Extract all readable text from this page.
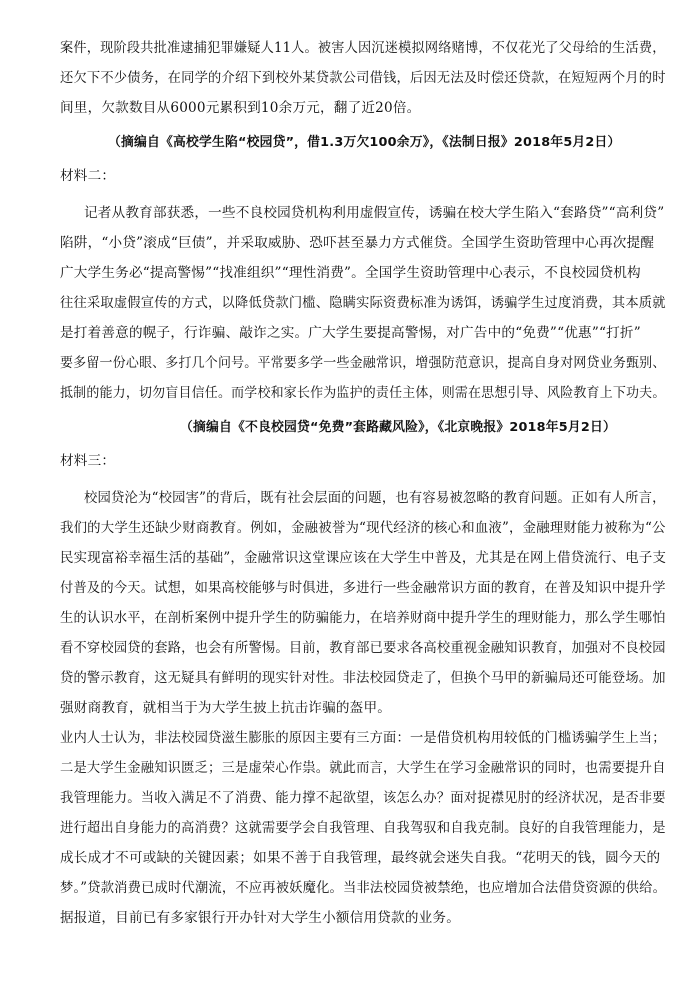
案件，现阶段共批准逮捕犯罪嫌疑人11人。被害人因沉迷模拟网络赌博，不仅花光了父母给的生活费，
还欠下不少债务，在同学的介绍下到校外某贷款公司借钱，后因无法及时偿还贷款，在短短两个月的时
间里，欠款数目从6000元累积到10余万元，翻了近20倍。
（摘编自《高校学生陷“校园贷”，借1.3万欠100余万》，《法制日报》2018年5月2日）
材料二：
记者从教育部获悉，一些不良校园贷机构利用虚假宣传，诱骗在校大学生陷入“套路贷”“高利贷”
陷阱，“小贷”滚成“巨债”，并采取威胁、恐吓甚至暴力方式催贷。全国学生资助管理中心再次提醒
广大学生务必“提高警惕”“找准组织”“理性消费”。全国学生资助管理中心表示，不良校园贷机构
往往采取虚假宣传的方式，以降低贷款门槛、隐瞒实际资费标准为诱饵，诱骗学生过度消费，其本质就
是打着善意的幌子，行诈骗、敲诈之实。广大学生要提高警惕，对广告中的“免费”“优惠”“打折”
要多留一份心眼、多打几个问号。平常要多学一些金融常识，增强防范意识，提高自身对网贷业务甄别、
抵制的能力，切勿盲目信任。而学校和家长作为监护的责任主体，则需在思想引导、风险教育上下功夫。
（摘编自《不良校园贷“免费”套路藏风险》，《北京晚报》2018年5月2日）
材料三：
校园贷沦为“校园害”的背后，既有社会层面的问题，也有容易被忽略的教育问题。正如有人所言，
我们的大学生还缺少财商教育。例如，金融被誉为“现代经济的核心和血液”，金融理财能力被称为“公
民实现富裕幸福生活的基础”，金融常识这堂课应该在大学生中普及，尤其是在网上借贷流行、电子支
付普及的今天。试想，如果高校能够与时俱进，多进行一些金融常识方面的教育，在普及知识中提升学
生的认识水平，在剖析案例中提升学生的防骗能力，在培养财商中提升学生的理财能力，那么学生哪怕
看不穿校园贷的套路，也会有所警惕。目前，教育部已要求各高校重视金融知识教育，加强对不良校园
贷的警示教育，这无疑具有鲜明的现实针对性。非法校园贷走了，但换个马甲的新骗局还可能登场。加
强财商教育，就相当于为大学生披上抗击诈骗的盔甲。
业内人士认为，非法校园贷滋生膨胀的原因主要有三方面：一是借贷机构用较低的门槛诱骗学生上当；
二是大学生金融知识匮乏；三是虚荣心作祟。就此而言，大学生在学习金融常识的同时，也需要提升自
我管理能力。当收入满足不了消费、能力撑不起欲望，该怎么办？面对捉襟见肘的经济状况，是否非要
进行超出自身能力的高消费？这就需要学会自我管理、自我驾驭和自我克制。良好的自我管理能力，是
成长成才不可或缺的关键因素；如果不善于自我管理，最终就会迷失自我。“花明天的钱，圆今天的
梦。”贷款消费已成时代潮流，不应再被妖魔化。当非法校园贷被禁绝，也应增加合法借贷资源的供给。
据报道，目前已有多家银行开办针对大学生小额信用贷款的业务。
